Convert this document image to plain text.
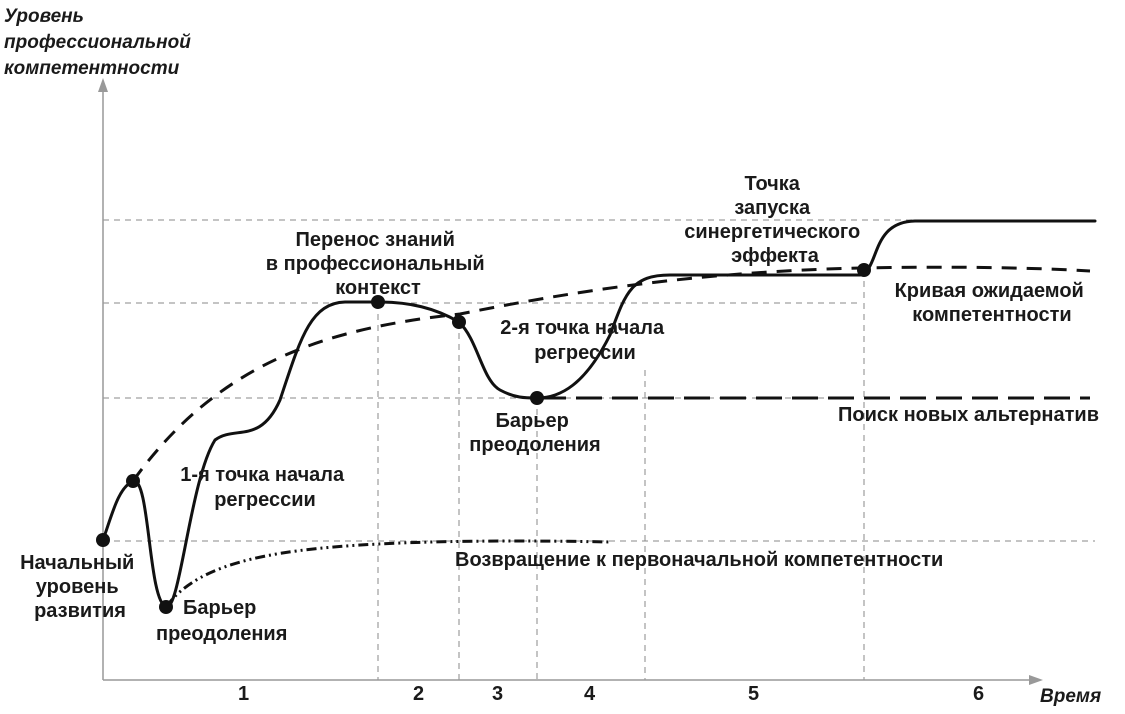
Уровень профессиональной компетентности
Время
1	2	3	4	5	6
Начальный уровень развития	Барьер преодоления
1-я точка начала регрессии
Перенос знаний в профессиональный контекст
2-я точка начала регрессии
Барьер преодоления
Точка запуска синергетического эффекта
Кривая ожидаемой компетентности
Поиск новых альтернатив
Возвращение к первоначальной компетентности
